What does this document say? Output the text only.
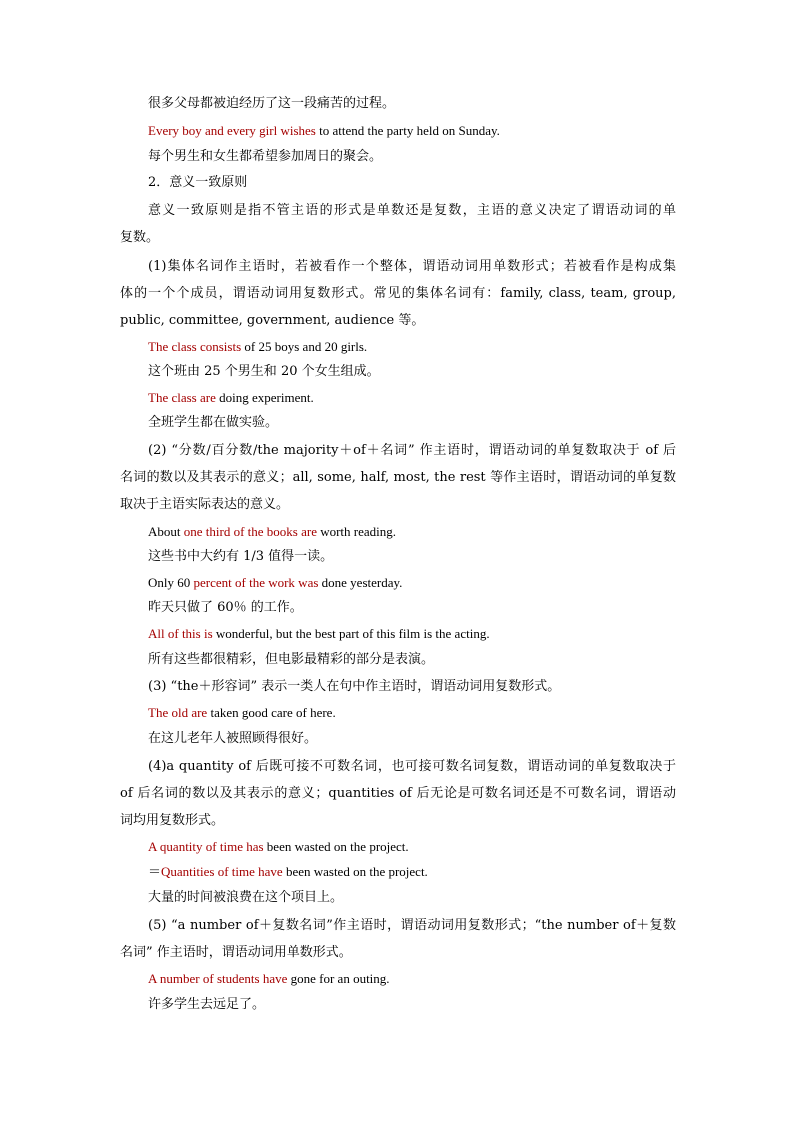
很多父母都被迫经历了这一段痛苦的过程。

Every boy and every girl wishes to attend the party held on Sunday.

每个男生和女生都希望参加周日的聚会。

2．意义一致原则

意义一致原则是指不管主语的形式是单数还是复数，主语的意义决定了谓语动词的单

复数。

(1)集体名词作主语时，若被看作一个整体，谓语动词用单数形式；若被看作是构成集

体的一个个成员，谓语动词用复数形式。常见的集体名词有：family, class, team, group,

public, committee, government, audience 等。

The class consists of 25 boys and 20 girls.

这个班由 25 个男生和 20 个女生组成。

The class are doing experiment.

全班学生都在做实验。

(2) “分数/百分数/the majority＋of＋名词” 作主语时，谓语动词的单复数取决于 of 后

名词的数以及其表示的意义；all, some, half, most, the rest 等作主语时，谓语动词的单复数

取决于主语实际表达的意义。

About one third of the books are worth reading.

这些书中大约有 1/3 值得一读。

Only 60 percent of the work was done yesterday.

昨天只做了 60％ 的工作。

All of this is wonderful, but the best part of this film is the acting.

所有这些都很精彩，但电影最精彩的部分是表演。

(3) “the＋形容词” 表示一类人在句中作主语时，谓语动词用复数形式。

The old are taken good care of here.

在这儿老年人被照顾得很好。

(4)a quantity of 后既可接不可数名词，也可接可数名词复数，谓语动词的单复数取决于

of 后名词的数以及其表示的意义；quantities of 后无论是可数名词还是不可数名词，谓语动

词均用复数形式。

A quantity of time has been wasted on the project.

＝Quantities of time have been wasted on the project.

大量的时间被浪费在这个项目上。

(5) “a number of＋复数名词”作主语时，谓语动词用复数形式；“the number of＋复数

名词” 作主语时，谓语动词用单数形式。

A number of students have gone for an outing.

许多学生去远足了。
